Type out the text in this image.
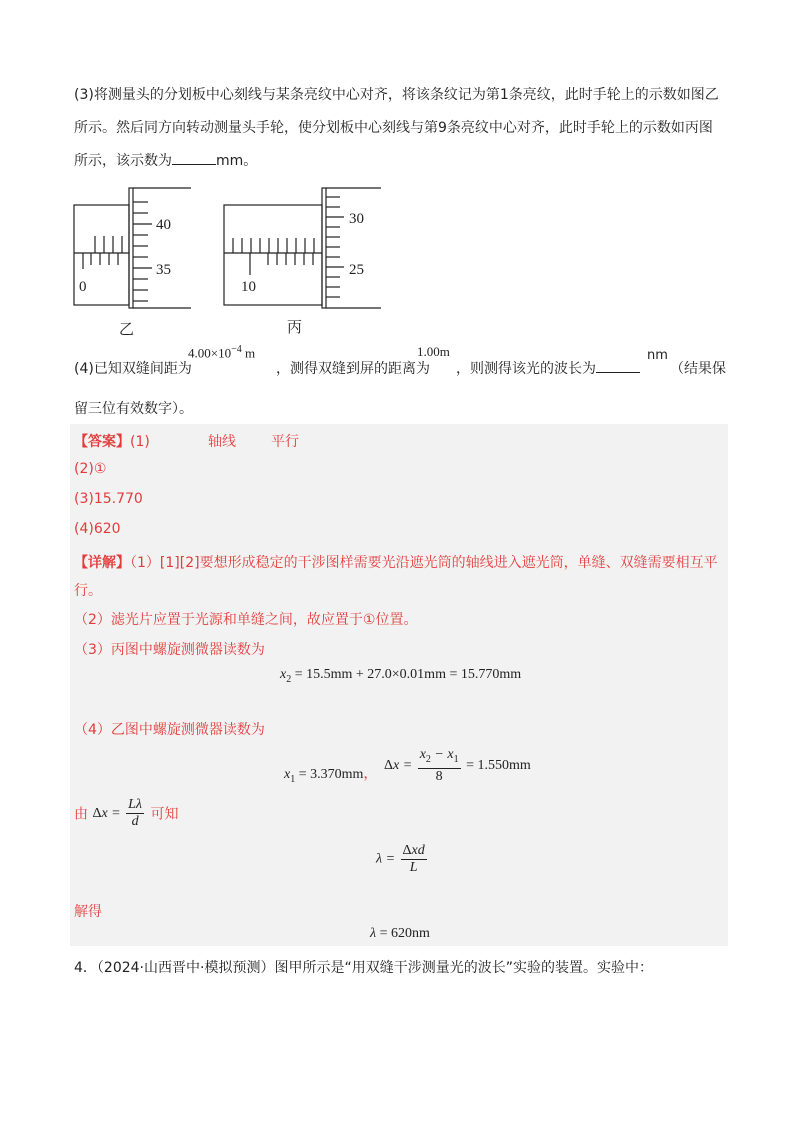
(3)将测量头的分划板中心刻线与某条亮纹中心对齐，将该条纹记为第1条亮纹，此时手轮上的示数如图乙
所示。然后同方向转动测量头手轮，使分划板中心刻线与第9条亮纹中心对齐，此时手轮上的示数如丙图
所示，该示数为	mm。
40
35
0
乙
30
25
10
丙
(4)已知双缝间距为
$4.00\times 10^{-4}$ m
，测得双缝到屏的距离为
1.00m
，则测得该光的波长为
nm
（结果保
留三位有效数字）。
【答案】(1)	轴线	平行
(2)①
(3)15.770
(4)620
【详解】（1）[1][2]要想形成稳定的干涉图样需要光沿遮光筒的轴线进入遮光筒，单缝、双缝需要相互平
行。
（2）滤光片应置于光源和单缝之间，故应置于①位置。
（3）丙图中螺旋测微器读数为
$x_2 = 15.5mm + 27.0\times 0.01mm = 15.770mm$
（4）乙图中螺旋测微器读数为
$x_1 = 3.370mm$，
$\Delta x = \frac{x_2 - x_1}{8} = 1.550mm$
由 $\Delta x = \frac{L\lambda}{d}$ 可知
$\lambda = \frac{\text{Δxd}}{L}$
解得
λ = 620nm
4．（2024·山西晋中·模拟预测）图甲所示是“用双缝干涉测量光的波长”实验的装置。实验中：
